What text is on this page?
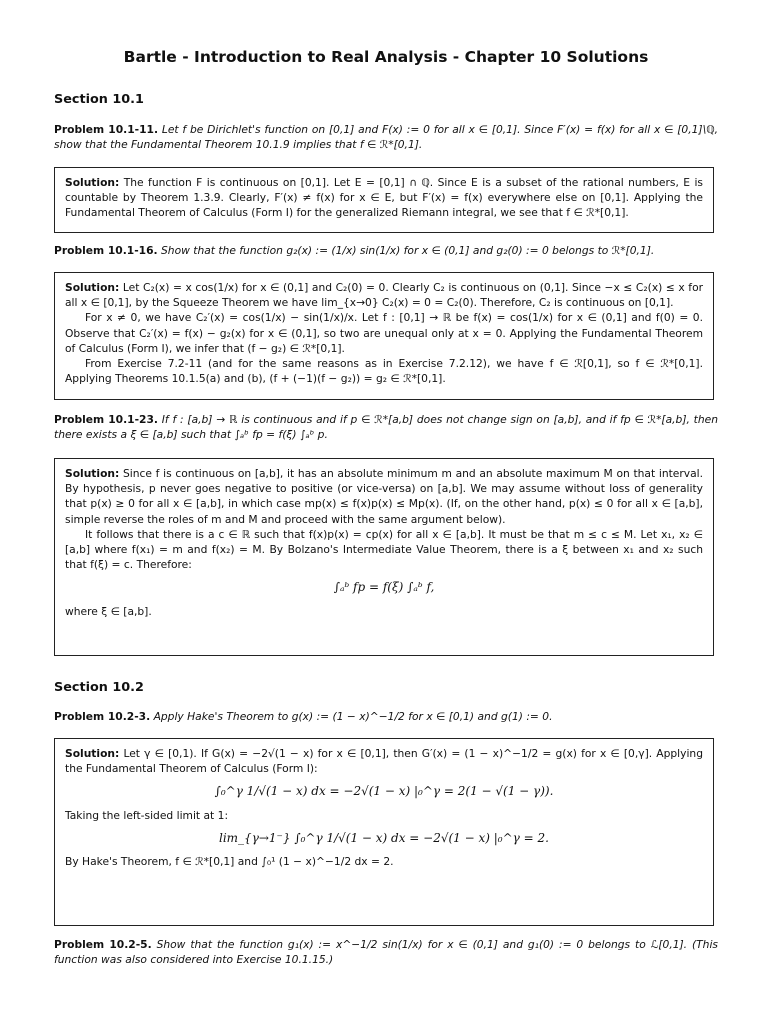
Bartle - Introduction to Real Analysis - Chapter 10 Solutions
Section 10.1
Problem 10.1-11. Let f be Dirichlet's function on [0,1] and F(x) := 0 for all x ∈ [0,1]. Since F′(x) = f(x) for all x ∈ [0,1]\ℚ, show that the Fundamental Theorem 10.1.9 implies that f ∈ ℛ*[0,1].

Solution: The function F is continuous on [0,1]. Let E = [0,1] ∩ ℚ. Since E is a subset of the rational numbers, E is countable by Theorem 1.3.9. Clearly, F′(x) ≠ f(x) for x ∈ E, but F′(x) = f(x) everywhere else on [0,1]. Applying the Fundamental Theorem of Calculus (Form I) for the generalized Riemann integral, we see that f ∈ ℛ*[0,1].

Problem 10.1-16. Show that the function g₂(x) := (1/x) sin(1/x) for x ∈ (0,1] and g₂(0) := 0 belongs to ℛ*[0,1].

Solution: Let C₂(x) = x cos(1/x) for x ∈ (0,1] and C₂(0) = 0. Clearly C₂ is continuous on (0,1]. Since −x ≤ C₂(x) ≤ x for all x ∈ [0,1], by the Squeeze Theorem we have lim_{x→0} C₂(x) = 0 = C₂(0). Therefore, C₂ is continuous on [0,1].

For x ≠ 0, we have C₂′(x) = cos(1/x) − sin(1/x)/x. Let f : [0,1] → ℝ be f(x) = cos(1/x) for x ∈ (0,1] and f(0) = 0. Observe that C₂′(x) = f(x) − g₂(x) for x ∈ (0,1], so two are unequal only at x = 0. Applying the Fundamental Theorem of Calculus (Form I), we infer that (f − g₂) ∈ ℛ*[0,1].

From Exercise 7.2-11 (and for the same reasons as in Exercise 7.2.12), we have f ∈ ℛ[0,1], so f ∈ ℛ*[0,1]. Applying Theorems 10.1.5(a) and (b), (f + (−1)(f − g₂)) = g₂ ∈ ℛ*[0,1].

Problem 10.1-23. If f : [a,b] → ℝ is continuous and if p ∈ ℛ*[a,b] does not change sign on [a,b], and if fp ∈ ℛ*[a,b], then there exists a ξ ∈ [a,b] such that ∫ₐᵇ fp = f(ξ) ∫ₐᵇ p.

Solution: Since f is continuous on [a,b], it has an absolute minimum m and an absolute maximum M on that interval. By hypothesis, p never goes negative to positive (or vice-versa) on [a,b]. We may assume without loss of generality that p(x) ≥ 0 for all x ∈ [a,b], in which case mp(x) ≤ f(x)p(x) ≤ Mp(x). (If, on the other hand, p(x) ≤ 0 for all x ∈ [a,b], simple reverse the roles of m and M and proceed with the same argument below).

It follows that there is a c ∈ ℝ such that f(x)p(x) = cp(x) for all x ∈ [a,b]. It must be that m ≤ c ≤ M. Let x₁, x₂ ∈ [a,b] where f(x₁) = m and f(x₂) = M. By Bolzano's Intermediate Value Theorem, there is a ξ between x₁ and x₂ such that f(ξ) = c. Therefore:

∫ₐᵇ fp = f(ξ) ∫ₐᵇ f,

where ξ ∈ [a,b].

Section 10.2
Problem 10.2-3. Apply Hake's Theorem to g(x) := (1 − x)^−1/2 for x ∈ [0,1) and g(1) := 0.

Solution: Let γ ∈ [0,1). If G(x) = −2√(1 − x) for x ∈ [0,1], then G′(x) = (1 − x)^−1/2 = g(x) for x ∈ [0,γ]. Applying the Fundamental Theorem of Calculus (Form I):

∫₀^γ 1/√(1 − x) dx = −2√(1 − x) |₀^γ = 2(1 − √(1 − γ)).

Taking the left-sided limit at 1:

lim_{γ→1⁻} ∫₀^γ 1/√(1 − x) dx = −2√(1 − x) |₀^γ = 2.

By Hake's Theorem, f ∈ ℛ*[0,1] and ∫₀¹ (1 − x)^−1/2 dx = 2.

Problem 10.2-5. Show that the function g₁(x) := x^−1/2 sin(1/x) for x ∈ (0,1] and g₁(0) := 0 belongs to ℒ[0,1]. (This function was also considered into Exercise 10.1.15.)
